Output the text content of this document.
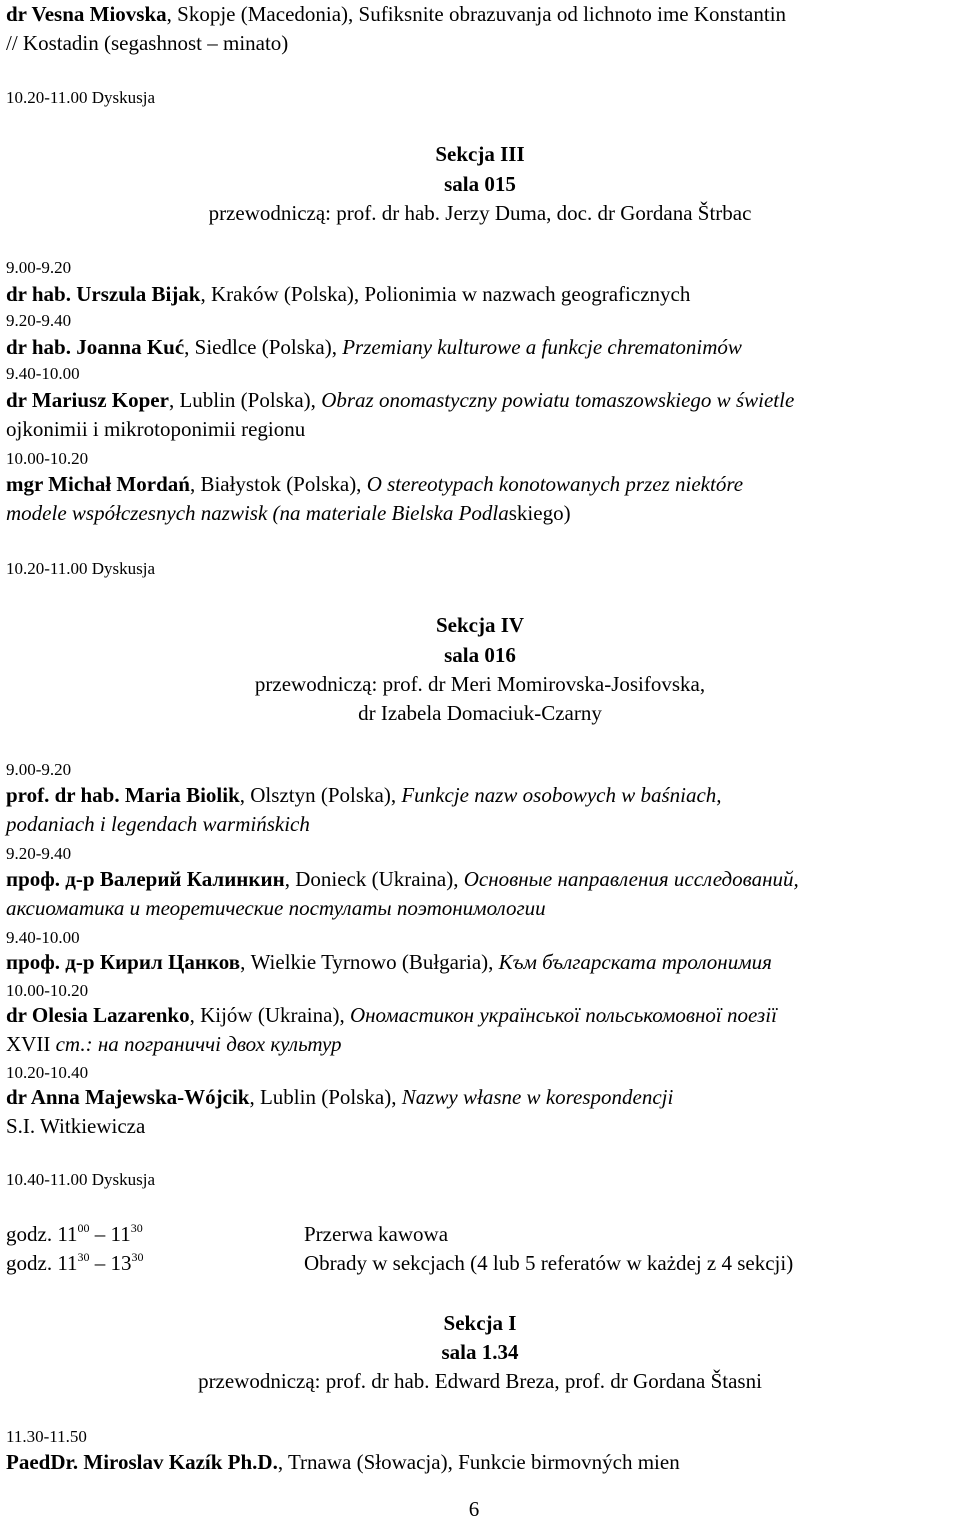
dr Vesna Miovska, Skopje (Macedonia), Sufiksnite obrazuvanja od lichnoto ime Konstantin
// Kostadin (segashnost – minato)
10.20-11.00 Dyskusja
Sekcja III
sala 015
przewodniczą: prof. dr hab. Jerzy Duma, doc. dr Gordana Štrbac
9.00-9.20
dr hab. Urszula Bijak, Kraków (Polska), Polionimia w nazwach geograficznych
9.20-9.40
dr hab. Joanna Kuć, Siedlce (Polska), Przemiany kulturowe a funkcje chrematonimów
9.40-10.00
dr Mariusz Koper, Lublin (Polska), Obraz onomastyczny powiatu tomaszowskiego w świetle
ojkonimii i mikrotoponimii regionu
10.00-10.20
mgr Michał Mordań, Białystok (Polska), O stereotypach konotowanych przez niektóre
modele współczesnych nazwisk (na materiale Bielska Podlaskiego)
10.20-11.00 Dyskusja
Sekcja IV
sala 016
przewodniczą: prof. dr Meri Momirovska-Josifovska,
dr Izabela Domaciuk-Czarny
9.00-9.20
prof. dr hab. Maria Biolik, Olsztyn (Polska), Funkcje nazw osobowych w baśniach,
podaniach i legendach warmińskich
9.20-9.40
проф. д-р Валерий Калинкин, Donieck (Ukraina), Основные направления исследований,
аксиоматика и теоретические постулаты поэтонимологии
9.40-10.00
проф. д-р Кирил Цанков, Wielkie Tyrnowo (Bułgaria), Към българската тролонимия
10.00-10.20
dr Olesia Lazarenko, Kijów (Ukraina), Ономастикон української польськомовної поезії
XVII ст.: на пограниччі двох культур
10.20-10.40
dr Anna Majewska-Wójcik, Lublin (Polska), Nazwy własne w korespondencji
S.I. Witkiewicza
10.40-11.00 Dyskusja
godz. $11^{00} - 11^{30}$	Przerwa kawowa
godz. $11^{30} - 13^{30}$	Obrady w sekcjach (4 lub 5 referatów w każdej z 4 sekcji)
Sekcja I
sala 1.34
przewodniczą: prof. dr hab. Edward Breza, prof. dr Gordana Štasni
11.30-11.50
PaedDr. Miroslav Kazík Ph.D., Trnawa (Słowacja), Funkcie birmovných mien
6
